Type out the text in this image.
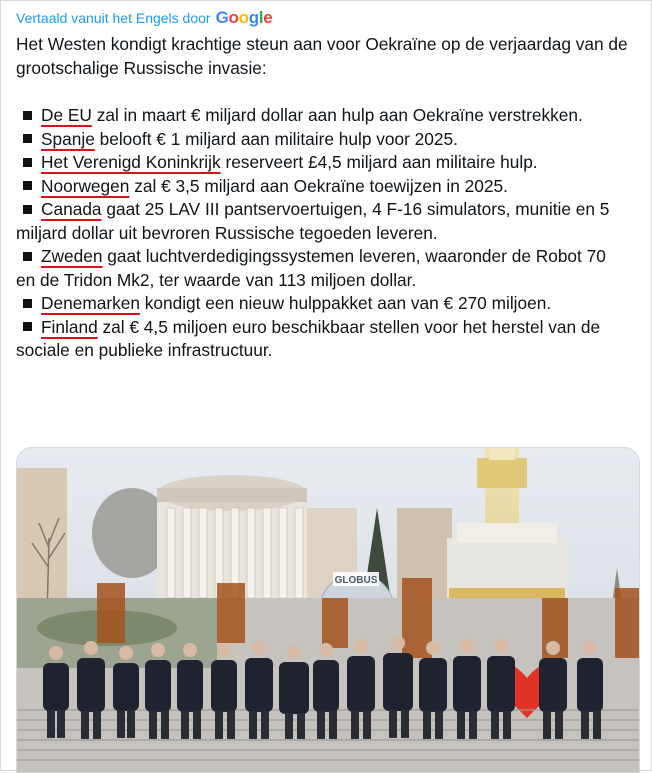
Vertaald vanuit het Engels door Google

Het Westen kondigt krachtige steun aan voor Oekraïne op de verjaardag van de grootschalige Russische invasie:

De EU zal in maart € miljard dollar aan hulp aan Oekraïne verstrekken.

Spanje belooft € 1 miljard aan militaire hulp voor 2025.

Het Verenigd Koninkrijk reserveert £4,5 miljard aan militaire hulp.

Noorwegen zal € 3,5 miljard aan Oekraïne toewijzen in 2025.

Canada gaat 25 LAV III pantservoertuigen, 4 F-16 simulators, munitie en 5 miljard dollar uit bevroren Russische tegoeden leveren.

Zweden gaat luchtverdedigingssystemen leveren, waaronder de Robot 70 en de Tridon Mk2, ter waarde van 113 miljoen dollar.

Denemarken kondigt een nieuw hulppakket aan van € 270 miljoen.

Finland zal € 4,5 miljoen euro beschikbaar stellen voor het herstel van de sociale en publieke infrastructuur.

GLOBUS
